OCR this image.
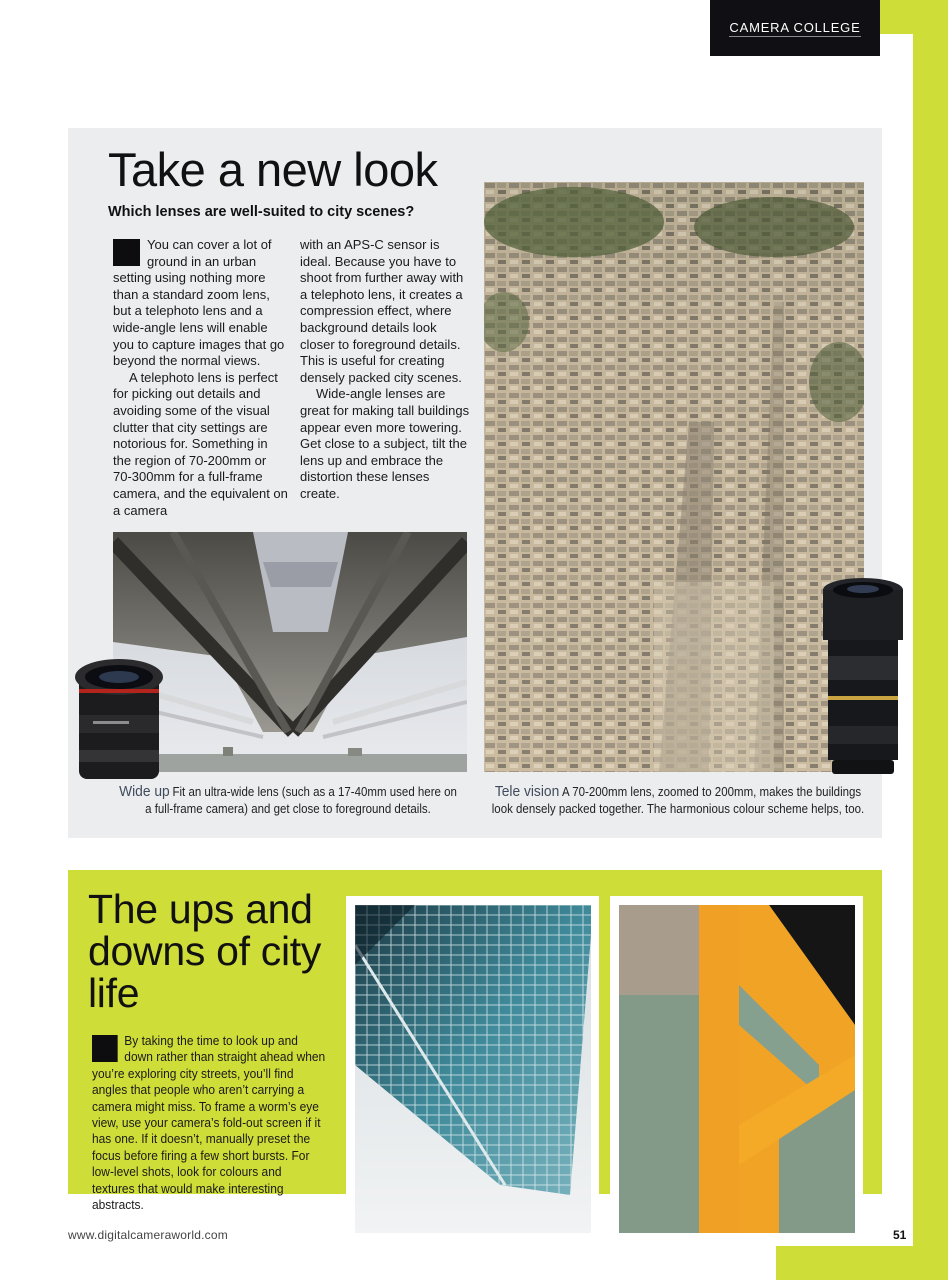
CAMERA COLLEGE
Take a new look
Which lenses are well-suited to city scenes?

You can cover a lot of ground in an urban setting using nothing more than a standard zoom lens, but a telephoto lens and a wide-angle lens will enable you to capture images that go beyond the normal views.

A telephoto lens is perfect for picking out details and avoiding some of the visual clutter that city settings are notorious for. Something in the region of 70-200mm or 70-300mm for a full-frame camera, and the equivalent on a camera

with an APS-C sensor is ideal. Because you have to shoot from further away with a telephoto lens, it creates a compression effect, where background details look closer to foreground details. This is useful for creating densely packed city scenes.

Wide-angle lenses are great for making tall buildings appear even more towering. Get close to a subject, tilt the lens up and embrace the distortion these lenses create.

Wide up Fit an ultra-wide lens (such as a 17-40mm used here on a full-frame camera) and get close to foreground details.

Tele vision A 70-200mm lens, zoomed to 200mm, makes the buildings look densely packed together. The harmonious colour scheme helps, too.

The ups and downs of city life

By taking the time to look up and down rather than straight ahead when you’re exploring city streets, you’ll find angles that people who aren’t carrying a camera might miss. To frame a worm’s eye view, use your camera’s fold-out screen if it has one. If it doesn’t, manually preset the focus before firing a few short bursts. For low-level shots, look for colours and textures that would make interesting abstracts.

www.digitalcameraworld.com	51
